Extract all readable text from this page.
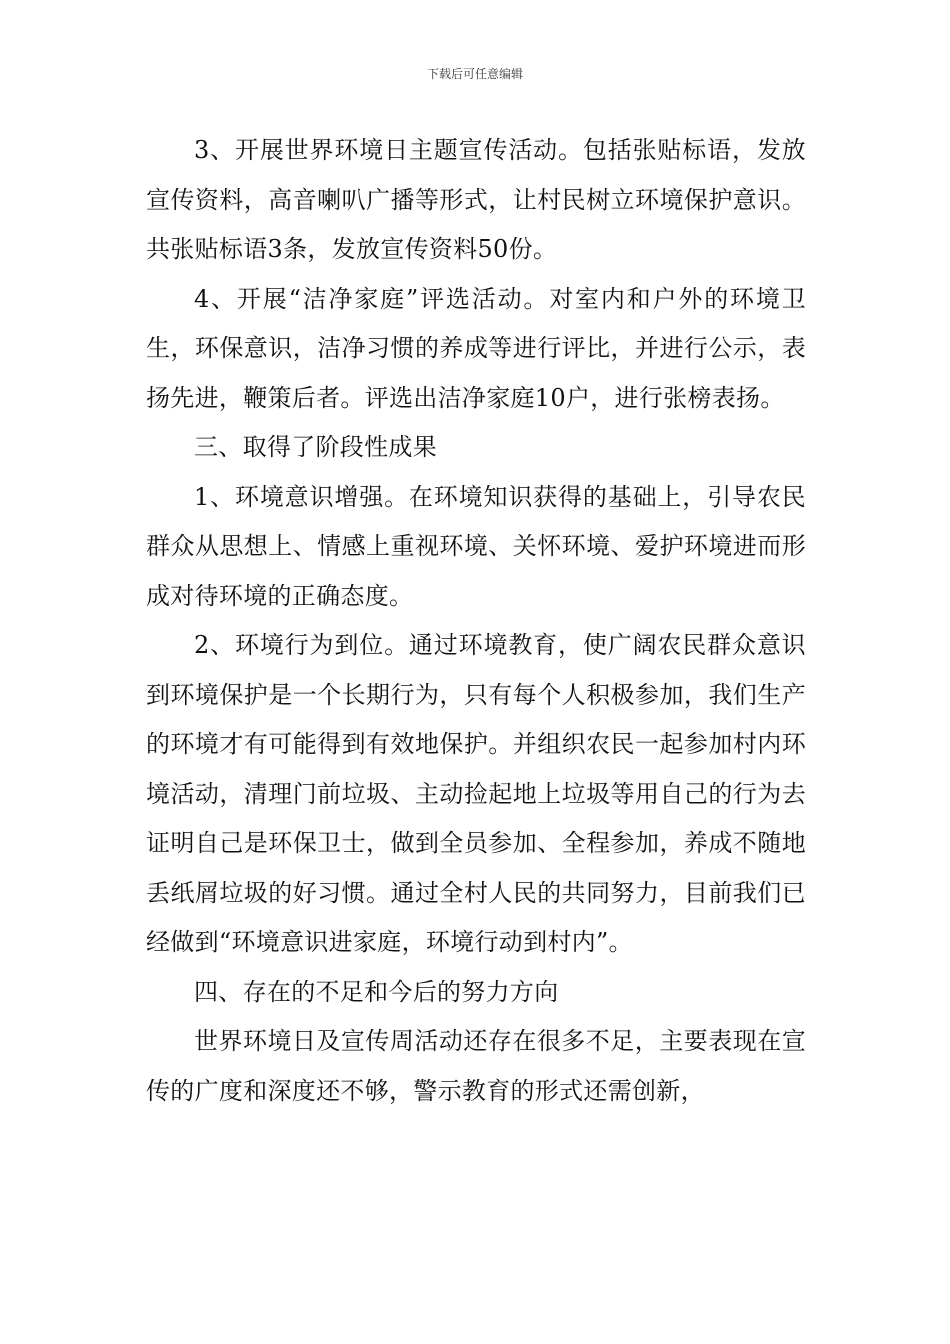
下载后可任意编辑

3、开展世界环境日主题宣传活动。包括张贴标语，发放宣传资料，高音喇叭广播等形式，让村民树立环境保护意识。共张贴标语3条，发放宣传资料50份。

4、开展“洁净家庭”评选活动。对室内和户外的环境卫生，环保意识，洁净习惯的养成等进行评比，并进行公示，表扬先进，鞭策后者。评选出洁净家庭10户，进行张榜表扬。

三、取得了阶段性成果

1、环境意识增强。在环境知识获得的基础上，引导农民群众从思想上、情感上重视环境、关怀环境、爱护环境进而形成对待环境的正确态度。

2、环境行为到位。通过环境教育，使广阔农民群众意识到环境保护是一个长期行为，只有每个人积极参加，我们生产的环境才有可能得到有效地保护。并组织农民一起参加村内环境活动，清理门前垃圾、主动捡起地上垃圾等用自己的行为去证明自己是环保卫士，做到全员参加、全程参加，养成不随地丢纸屑垃圾的好习惯。通过全村人民的共同努力，目前我们已经做到“环境意识进家庭，环境行动到村内”。

四、存在的不足和今后的努力方向

世界环境日及宣传周活动还存在很多不足，主要表现在宣传的广度和深度还不够，警示教育的形式还需创新，
